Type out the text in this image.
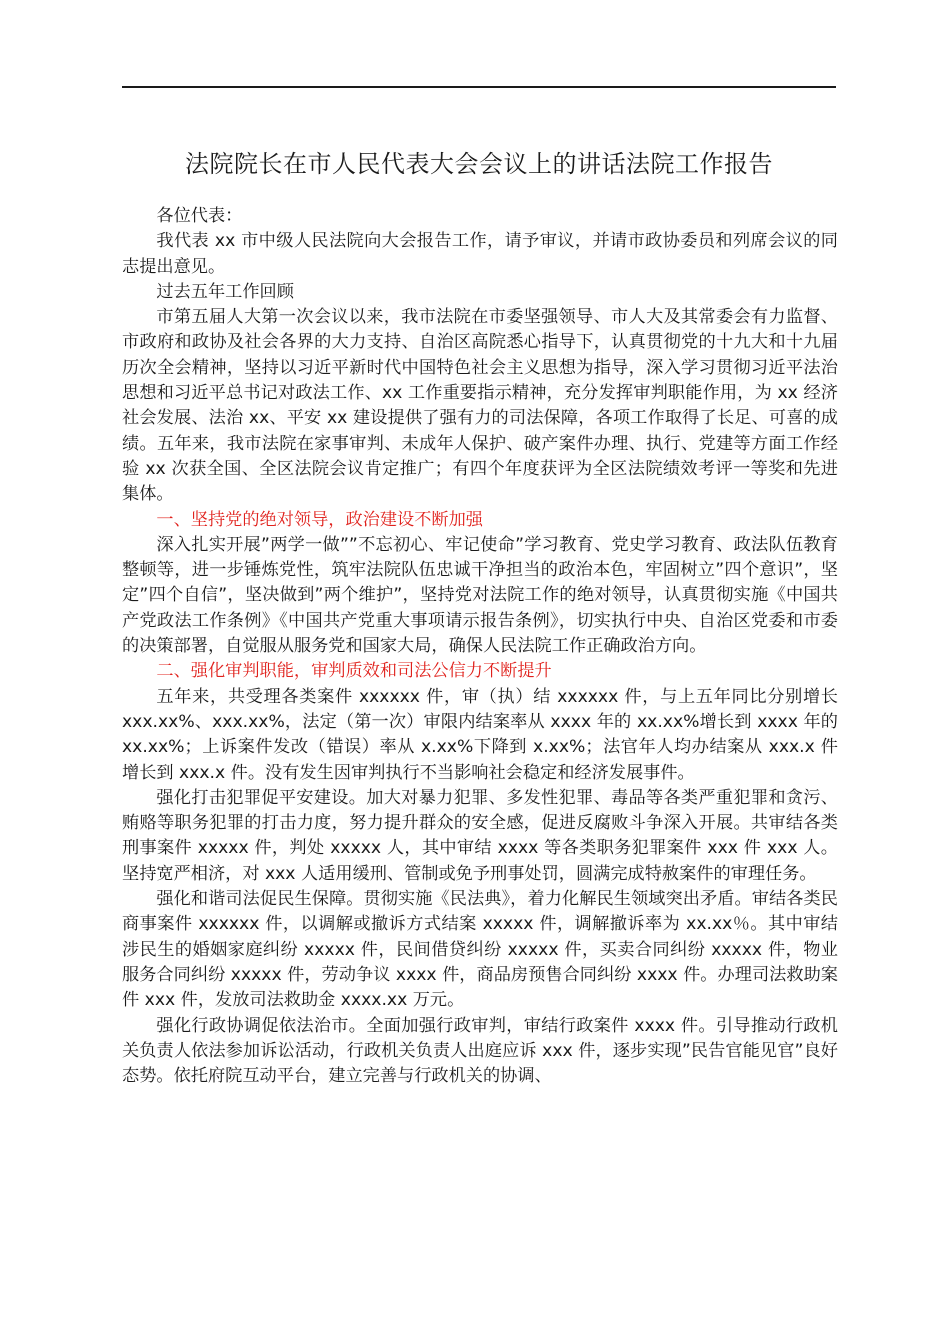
法院院长在市人民代表大会会议上的讲话法院工作报告

各位代表：

我代表 xx 市中级人民法院向大会报告工作，请予审议，并请市政协委员和列席会议的同志提出意见。

过去五年工作回顾

市第五届人大第一次会议以来，我市法院在市委坚强领导、市人大及其常委会有力监督、市政府和政协及社会各界的大力支持、自治区高院悉心指导下，认真贯彻党的十九大和十九届历次全会精神，坚持以习近平新时代中国特色社会主义思想为指导，深入学习贯彻习近平法治思想和习近平总书记对政法工作、xx 工作重要指示精神，充分发挥审判职能作用，为 xx 经济社会发展、法治 xx、平安 xx 建设提供了强有力的司法保障，各项工作取得了长足、可喜的成绩。五年来，我市法院在家事审判、未成年人保护、破产案件办理、执行、党建等方面工作经验 xx 次获全国、全区法院会议肯定推广；有四个年度获评为全区法院绩效考评一等奖和先进集体。

一、坚持党的绝对领导，政治建设不断加强

深入扎实开展”两学一做””不忘初心、牢记使命”学习教育、党史学习教育、政法队伍教育整顿等，进一步锤炼党性，筑牢法院队伍忠诚干净担当的政治本色，牢固树立”四个意识”，坚定”四个自信”，坚决做到”两个维护”，坚持党对法院工作的绝对领导，认真贯彻实施《中国共产党政法工作条例》《中国共产党重大事项请示报告条例》，切实执行中央、自治区党委和市委的决策部署，自觉服从服务党和国家大局，确保人民法院工作正确政治方向。

二、强化审判职能，审判质效和司法公信力不断提升

五年来，共受理各类案件 xxxxxx 件，审（执）结 xxxxxx 件，与上五年同比分别增长 xxx.xx%、xxx.xx%，法定（第一次）审限内结案率从 xxxx 年的 xx.xx%增长到 xxxx 年的 xx.xx%；上诉案件发改（错误）率从 x.xx%下降到 x.xx%；法官年人均办结案从 xxx.x 件增长到 xxx.x 件。没有发生因审判执行不当影响社会稳定和经济发展事件。

强化打击犯罪促平安建设。加大对暴力犯罪、多发性犯罪、毒品等各类严重犯罪和贪污、贿赂等职务犯罪的打击力度，努力提升群众的安全感，促进反腐败斗争深入开展。共审结各类刑事案件 xxxxx 件，判处 xxxxx 人，其中审结 xxxx 等各类职务犯罪案件 xxx 件 xxx 人。坚持宽严相济，对 xxx 人适用缓刑、管制或免予刑事处罚，圆满完成特赦案件的审理任务。

强化和谐司法促民生保障。贯彻实施《民法典》，着力化解民生领域突出矛盾。审结各类民商事案件 xxxxxx 件，以调解或撤诉方式结案 xxxxx 件，调解撤诉率为 xx.xx％。其中审结涉民生的婚姻家庭纠纷 xxxxx 件，民间借贷纠纷 xxxxx 件，买卖合同纠纷 xxxxx 件，物业服务合同纠纷 xxxxx 件，劳动争议 xxxx 件，商品房预售合同纠纷 xxxx 件。办理司法救助案件 xxx 件，发放司法救助金 xxxx.xx 万元。

强化行政协调促依法治市。全面加强行政审判，审结行政案件 xxxx 件。引导推动行政机关负责人依法参加诉讼活动，行政机关负责人出庭应诉 xxx 件，逐步实现”民告官能见官”良好态势。依托府院互动平台，建立完善与行政机关的协调、
